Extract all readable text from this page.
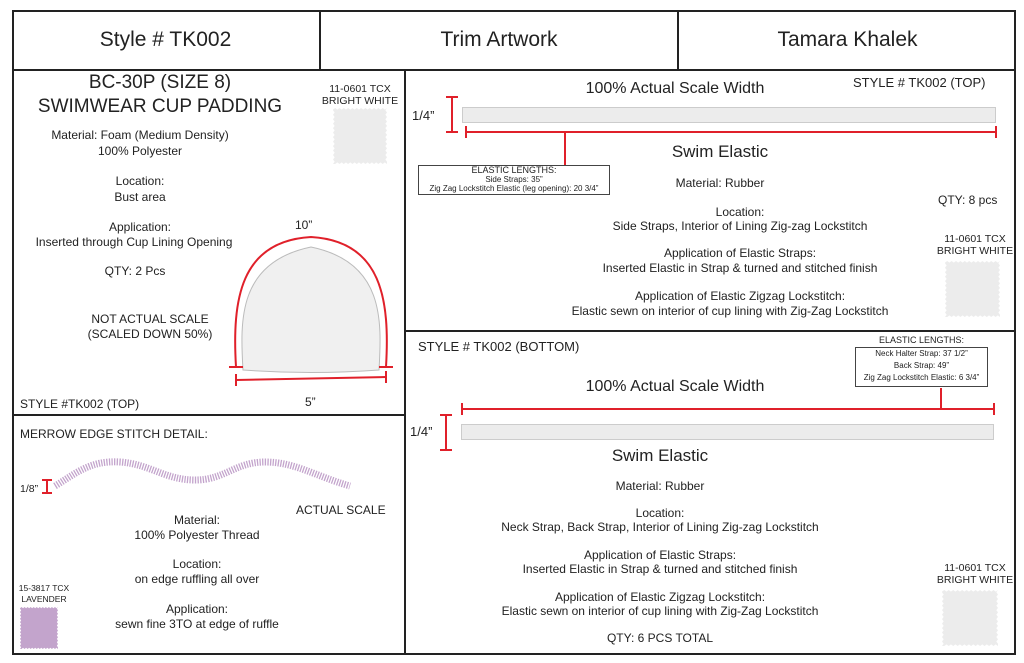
Style # TK002	Trim Artwork	Tamara Khalek
BC-30P (SIZE 8)
SWIMWEAR CUP PADDING
11-0601 TCX
BRIGHT WHITE
Material: Foam (Medium Density)
100% Polyester
Location:
Bust area
Application:
Inserted through Cup Lining Opening
QTY: 2 Pcs
NOT ACTUAL SCALE
(SCALED DOWN 50%)
10”
5”
STYLE #TK002 (TOP)
MERROW EDGE STITCH DETAIL:
1/8”
ACTUAL SCALE
Material:
100% Polyester Thread
Location:
on edge ruffling all over
Application:
sewn fine 3TO at edge of ruffle
15-3817 TCX
LAVENDER
100% Actual Scale Width	STYLE # TK002 (TOP)
1/4”
ELASTIC LENGTHS:
Side Straps: 35”
Zig Zag Lockstitch Elastic (leg opening): 20 3/4”
Swim Elastic
Material: Rubber
QTY: 8 pcs
Location:
Side Straps, Interior of Lining Zig-zag Lockstitch
Application of Elastic Straps:
Inserted Elastic in Strap & turned and stitched finish
Application of Elastic Zigzag Lockstitch:
Elastic sewn on interior of cup lining with Zig-Zag Lockstitch
11-0601 TCX
BRIGHT WHITE
STYLE # TK002 (BOTTOM)	ELASTIC LENGTHS:
Neck Halter Strap: 37 1/2”
Back Strap: 49”
Zig Zag Lockstitch Elastic: 6 3/4”
100% Actual Scale Width
1/4”
Swim Elastic
Material: Rubber
Location:
Neck Strap, Back Strap, Interior of Lining Zig-zag Lockstitch
Application of Elastic Straps:
Inserted Elastic in Strap & turned and stitched finish
Application of Elastic Zigzag Lockstitch:
Elastic sewn on interior of cup lining with Zig-Zag Lockstitch
QTY: 6 PCS TOTAL
11-0601 TCX
BRIGHT WHITE
